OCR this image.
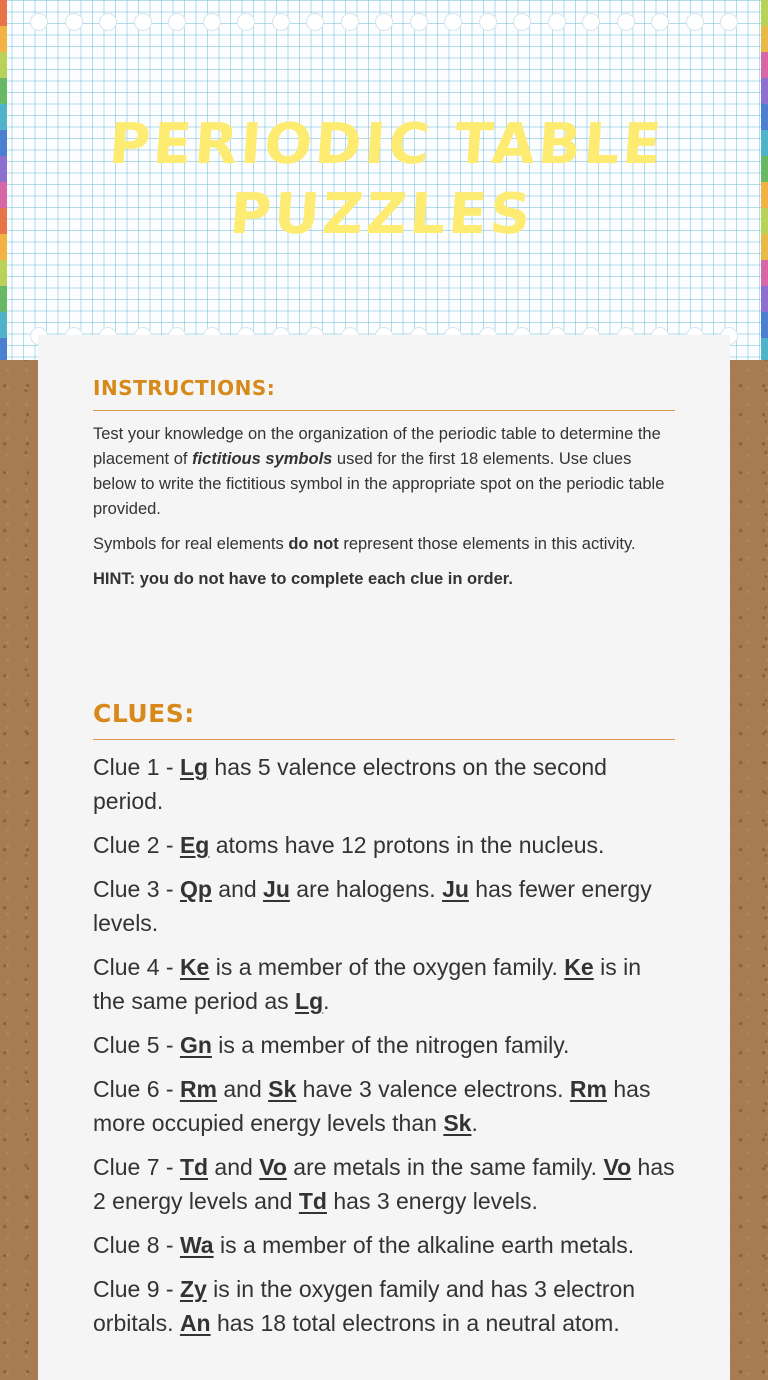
PERIODIC TABLE PUZZLES
INSTRUCTIONS:

Test your knowledge on the organization of the periodic table to determine the placement of fictitious symbols used for the first 18 elements. Use clues below to write the fictitious symbol in the appropriate spot on the periodic table provided.

Symbols for real elements do not represent those elements in this activity.

HINT: you do not have to complete each clue in order.

CLUES:

Clue 1 - Lg has 5 valence electrons on the second period.

Clue 2 - Eg atoms have 12 protons in the nucleus.

Clue 3 - Qp and Ju are halogens. Ju has fewer energy levels.

Clue 4 - Ke is a member of the oxygen family. Ke is in the same period as Lg.

Clue 5 - Gn is a member of the nitrogen family.

Clue 6 - Rm and Sk have 3 valence electrons. Rm has more occupied energy levels than Sk.

Clue 7 - Td and Vo are metals in the same family. Vo has 2 energy levels and Td has 3 energy levels.

Clue 8 - Wa is a member of the alkaline earth metals.

Clue 9 - Zy is in the oxygen family and has 3 electron orbitals. An has 18 total electrons in a neutral atom.
